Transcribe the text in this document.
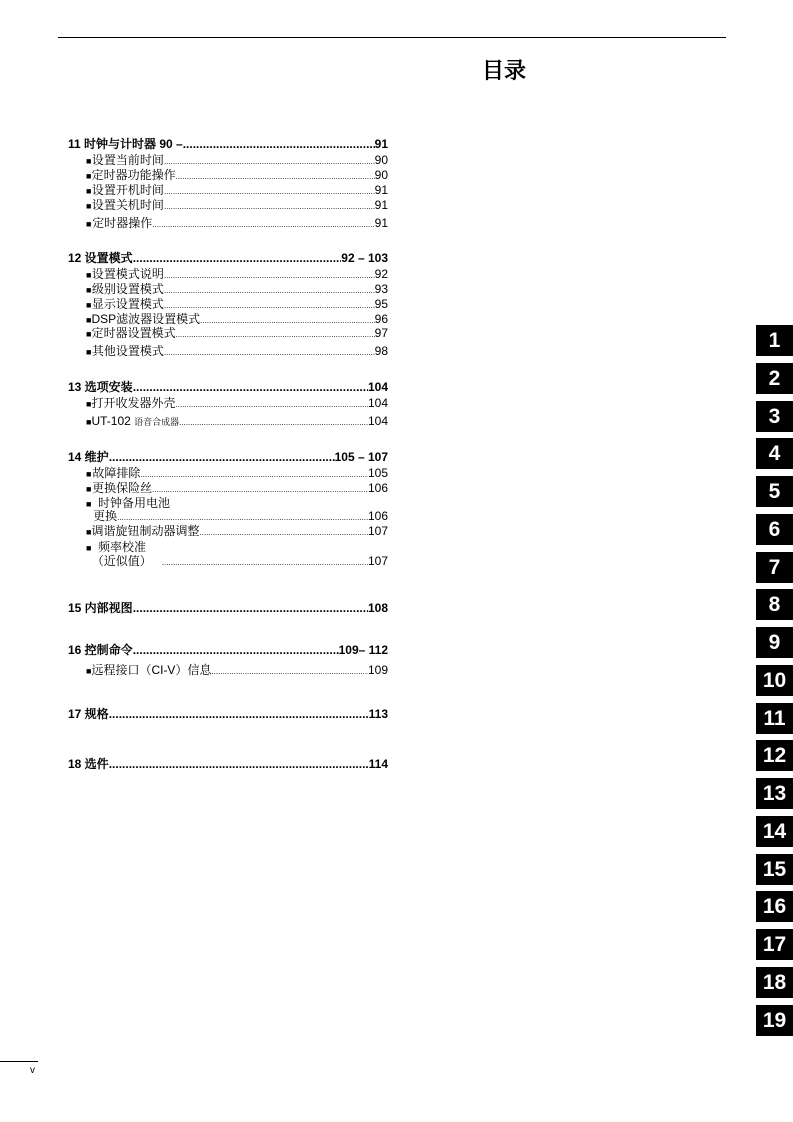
目录
11 时钟与计时器 90 – .....	91
■ 设置当前时间 .....	90
■ 定时器功能操作 .....	90
■ 设置开机时间 .....	91
■ 设置关机时间 .....	91
■ 定时器操作 .....	91
12 设置模式 .....	92 – 103
■ 设置模式说明 .....	92
■ 级别设置模式 .....	93
■ 显示设置模式 .....	95
■ DSP滤波器设置模式 .....	96
■ 定时器设置模式 .....	97
■ 其他设置模式 .....	98
13 选项安装 .....	104
■ 打开收发器外壳 .....	104
■ UT-102
语音合成器 .....	104
14 维护 .....	105 – 107
■ 故障排除 .....	105
■ 更换保险丝 .....	106
■ 时钟备用电池
更换 .....	106
■ 调谐旋钮制动器调整 .....	107
■ 频率校准
（近似值）
.....	107
15 内部视图 .....	108
16 控制命令 .....	109– 112
■ 远程接口（CI-V）信息 .....	109
17 规格 .....	113
18 选件 .....	114
1
2
3
4
5
6
7
8
9
10
11
12
13
14
15
16
17
18
19
v
